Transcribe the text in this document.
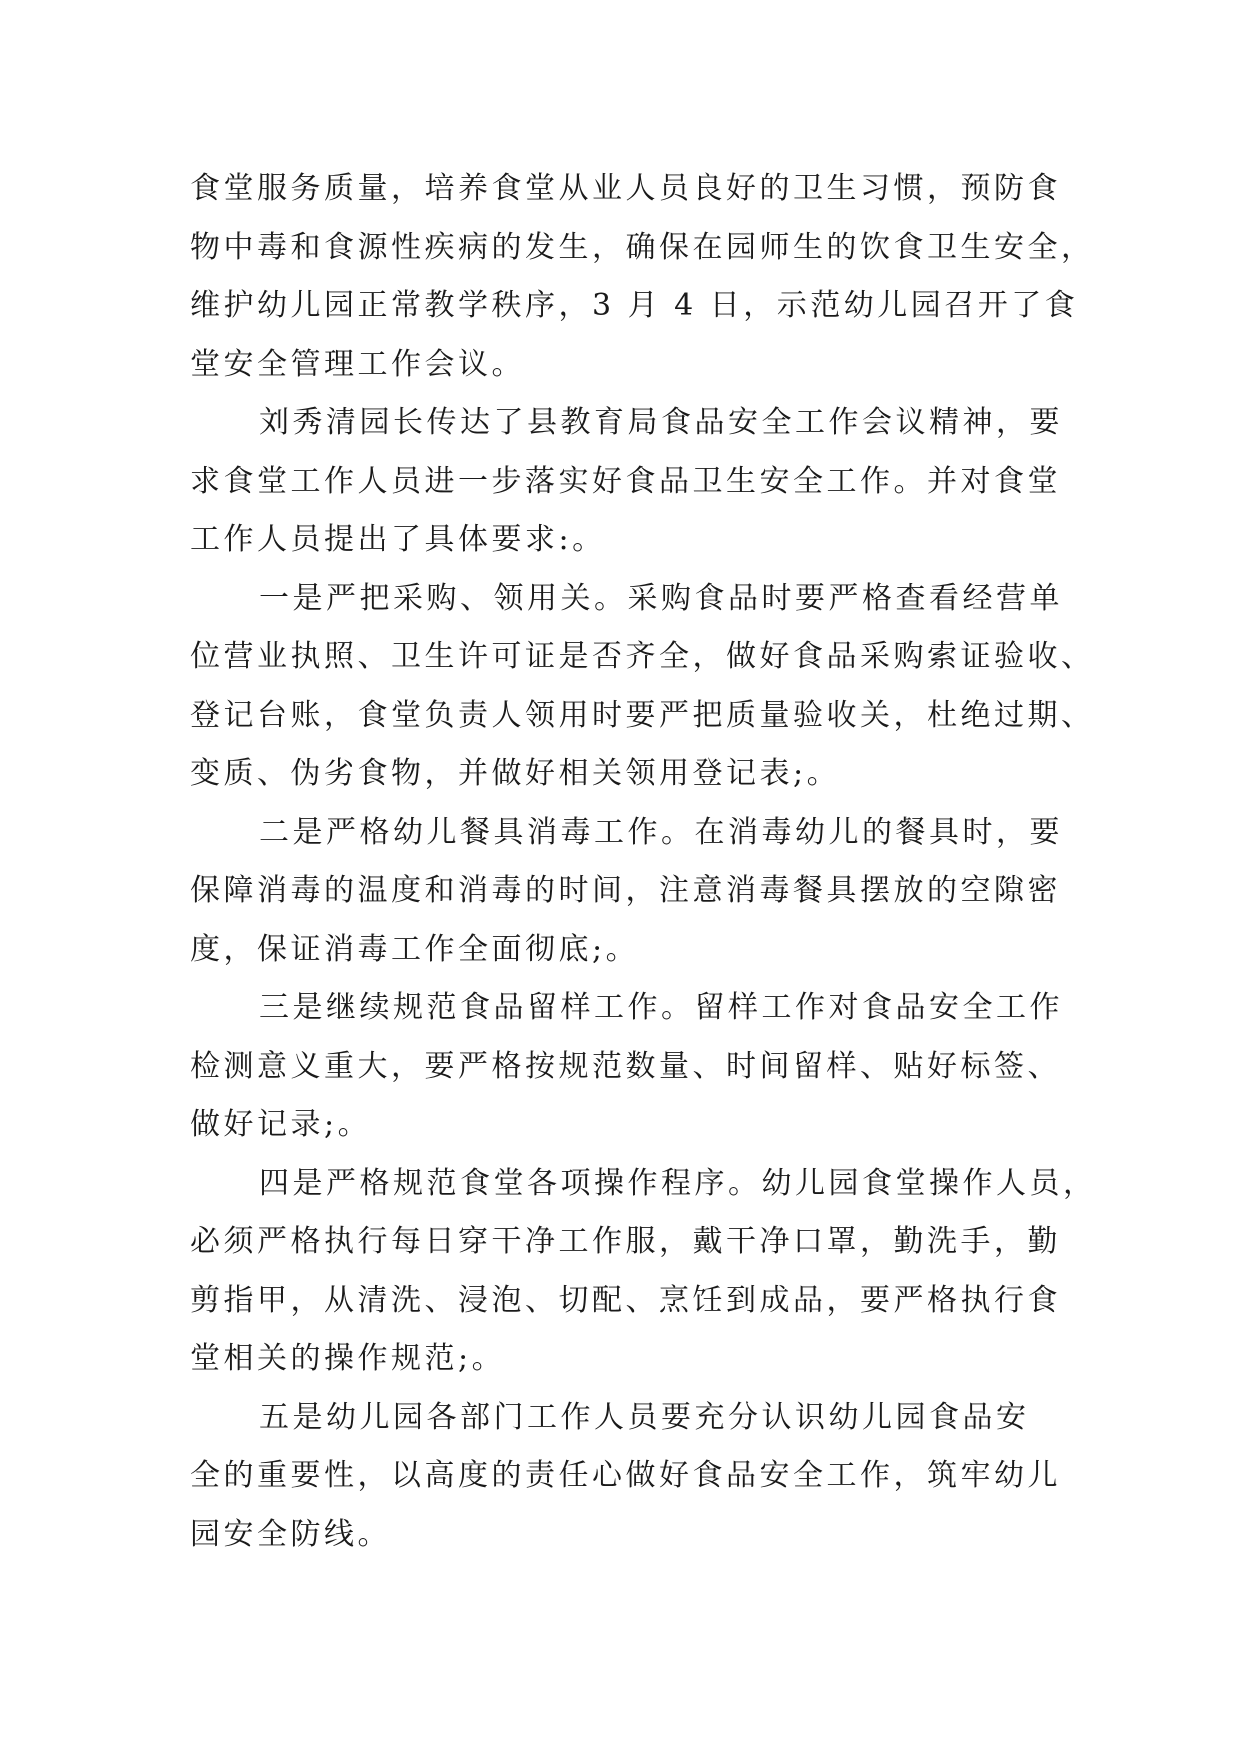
食堂服务质量，培养食堂从业人员良好的卫生习惯，预防食
物中毒和食源性疾病的发生，确保在园师生的饮食卫生安全，
维护幼儿园正常教学秩序，3 月 4 日，示范幼儿园召开了食
堂安全管理工作会议。

刘秀清园长传达了县教育局食品安全工作会议精神，要
求食堂工作人员进一步落实好食品卫生安全工作。并对食堂
工作人员提出了具体要求:。

一是严把采购、领用关。采购食品时要严格查看经营单
位营业执照、卫生许可证是否齐全，做好食品采购索证验收、
登记台账，食堂负责人领用时要严把质量验收关，杜绝过期、
变质、伪劣食物，并做好相关领用登记表;。

二是严格幼儿餐具消毒工作。在消毒幼儿的餐具时，要
保障消毒的温度和消毒的时间，注意消毒餐具摆放的空隙密
度，保证消毒工作全面彻底;。

三是继续规范食品留样工作。留样工作对食品安全工作
检测意义重大，要严格按规范数量、时间留样、贴好标签、
做好记录;。

四是严格规范食堂各项操作程序。幼儿园食堂操作人员，
必须严格执行每日穿干净工作服，戴干净口罩，勤洗手，勤
剪指甲，从清洗、浸泡、切配、烹饪到成品，要严格执行食
堂相关的操作规范;。

五是幼儿园各部门工作人员要充分认识幼儿园食品安
全的重要性，以高度的责任心做好食品安全工作，筑牢幼儿
园安全防线。
